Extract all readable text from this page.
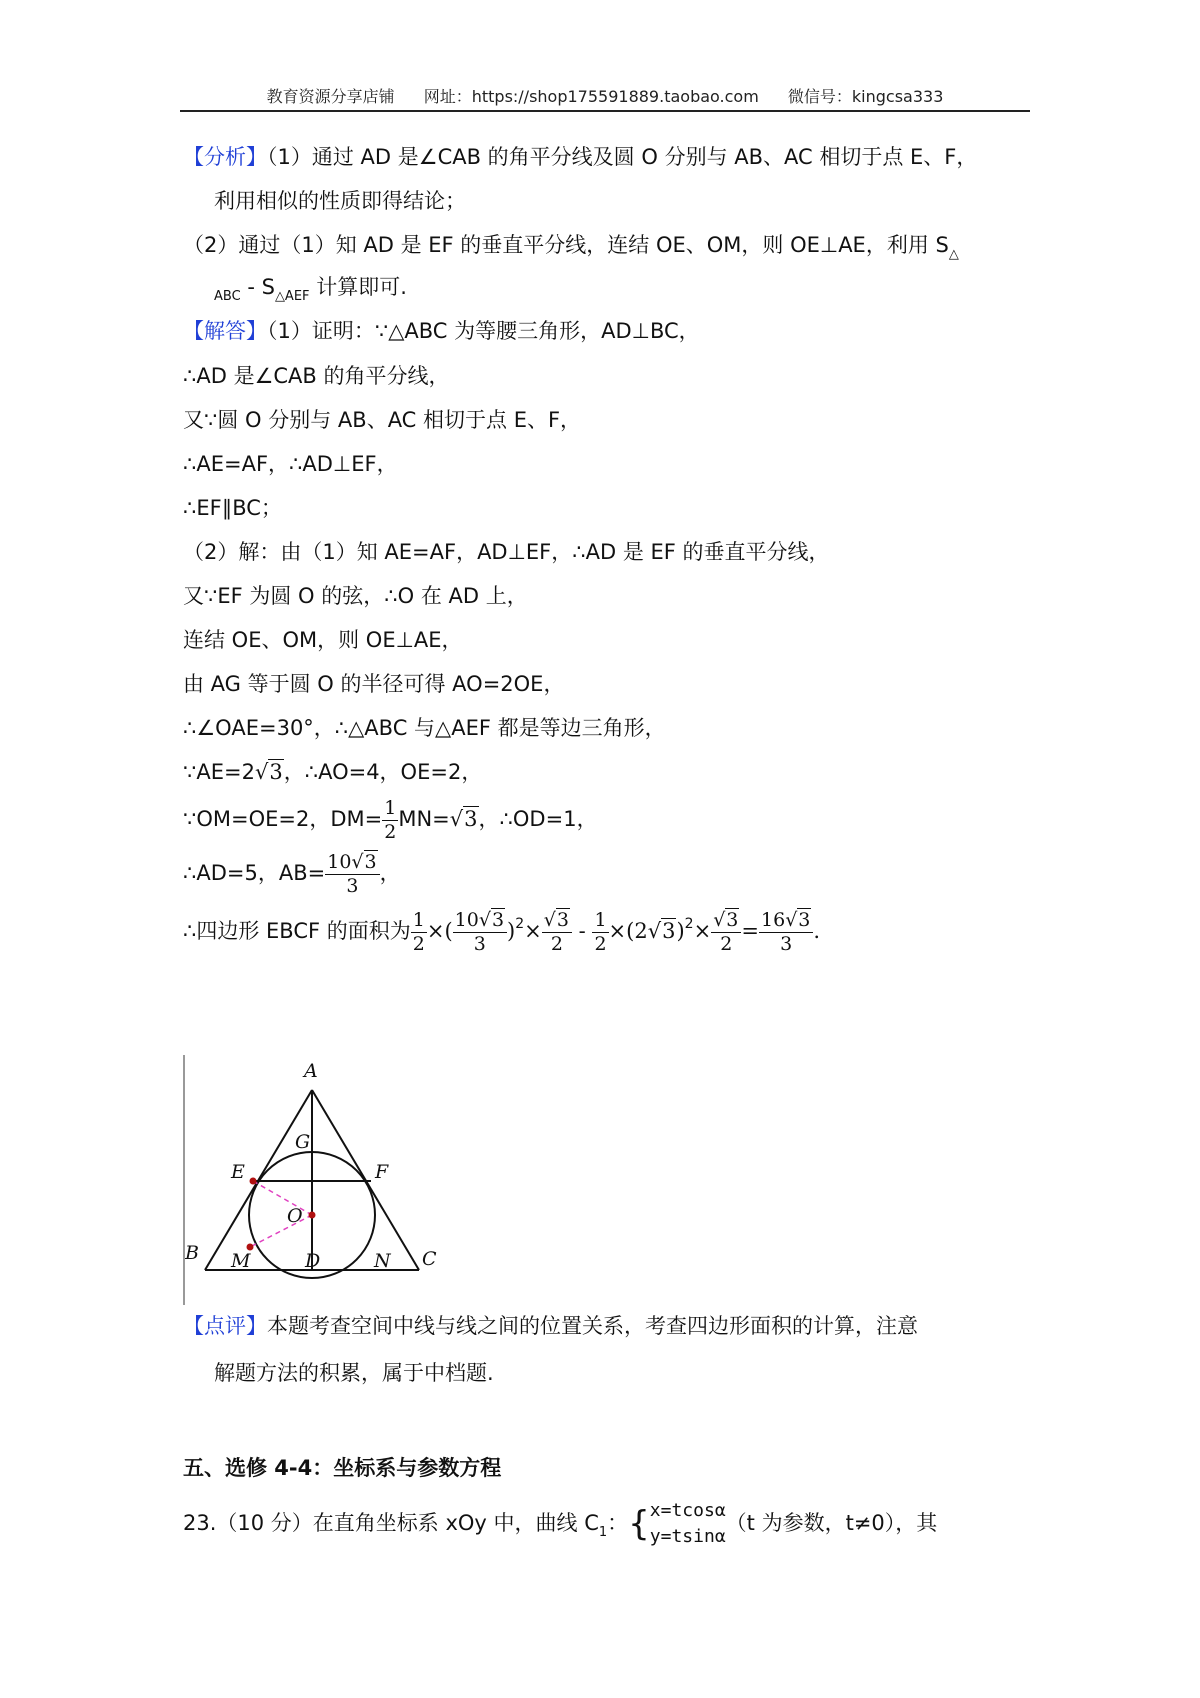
教育资源分享店铺 网址：https://shop175591889.taobao.com 微信号：kingcsa333
【分析】（1）通过 AD 是∠CAB 的角平分线及圆 O 分别与 AB、AC 相切于点 E、F，
利用相似的性质即得结论；
（2）通过（1）知 AD 是 EF 的垂直平分线，连结 OE、OM，则 OE⊥AE，利用 $S_\triangle$
$_{ABC} - S_{\triangle AEF}$ 计算即可.
【解答】（1）证明：∵△ABC 为等腰三角形，AD⊥BC，
∴AD 是∠CAB 的角平分线，
又∵圆 O 分别与 AB、AC 相切于点 E、F，
∴AE=AF，∴AD⊥EF，
∴EF∥BC；
（2）解：由（1）知 AE=AF，AD⊥EF，∴AD 是 EF 的垂直平分线，
又∵EF 为圆 O 的弦，∴O 在 AD 上，
连结 OE、OM，则 OE⊥AE，
由 AG 等于圆 O 的半径可得 AO=2OE，
∴∠OAE=30°，∴△ABC 与△AEF 都是等边三角形，
∵AE=2√3，∴AO=4，OE=2，
∵OM=OE=2，$DM= \frac{1}{2} MN=√3$，∴OD=1，
∴AD=5，$AB= \frac{10√3}{3}$ ，
∴四边形 EBCF 的面积为 $\frac{1}{2}$ ×( $\frac{10√3}{3} )^2\times \frac{√3}{2} - \frac{1}{2} \times(2√3)^2\times \frac{√3}{2} = \frac{16√3}{3}$ .
A
G
E	F
O
B M	D	N C
【点评】本题考查空间中线与线之间的位置关系，考查四边形面积的计算，注意
解题方法的积累，属于中档题.
五、选修 4-4：坐标系与参数方程
23.（10 分）在直角坐标系 xOy 中，曲线 $C_1$：{ x=tcosα
y=tsinα
（t 为参数，t≠0），其
